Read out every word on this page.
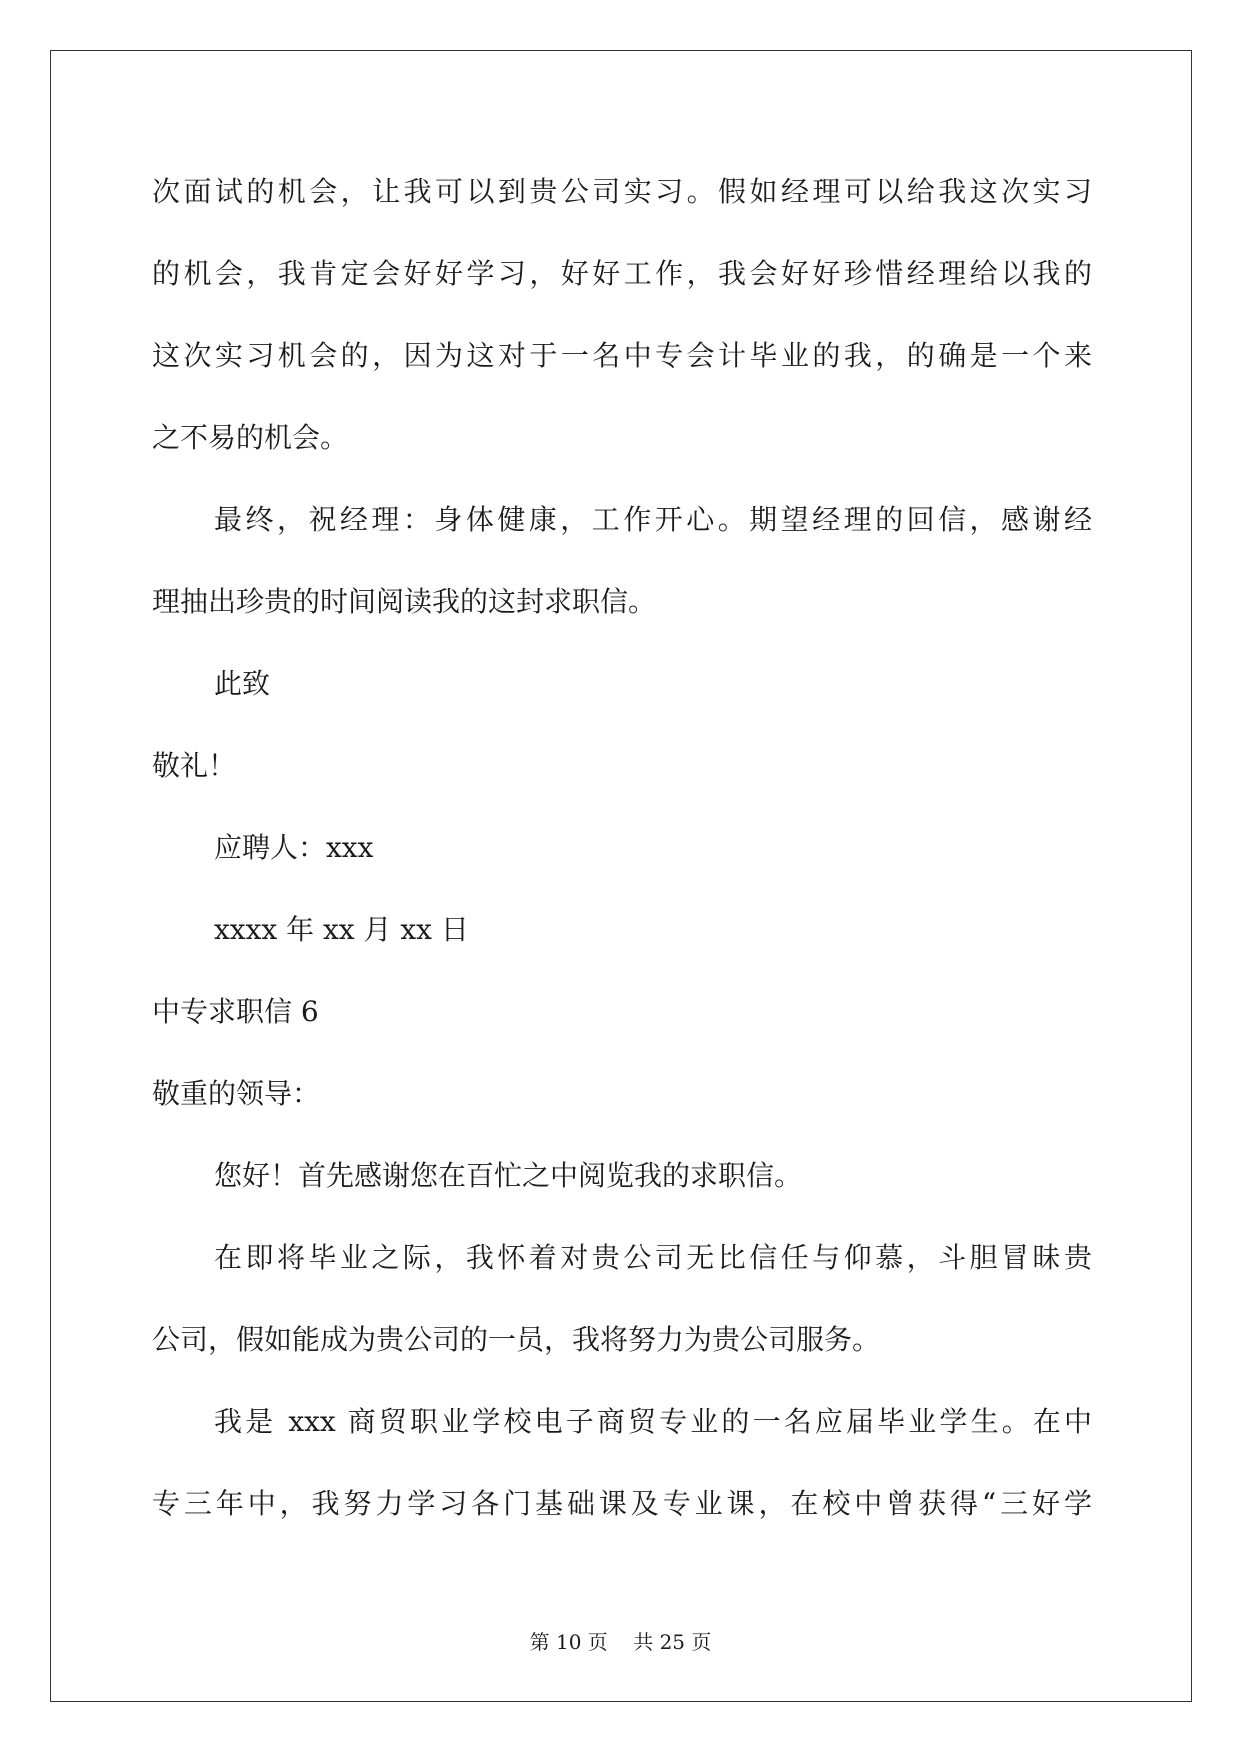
次面试的机会，让我可以到贵公司实习。假如经理可以给我这次实习
的机会，我肯定会好好学习，好好工作，我会好好珍惜经理给以我的
这次实习机会的，因为这对于一名中专会计毕业的我，的确是一个来
之不易的机会。
最终，祝经理：身体健康，工作开心。期望经理的回信，感谢经
理抽出珍贵的时间阅读我的这封求职信。
此致
敬礼！
应聘人：xxx
xxxx 年 xx 月 xx 日
中专求职信 6
敬重的领导：
您好！首先感谢您在百忙之中阅览我的求职信。
在即将毕业之际，我怀着对贵公司无比信任与仰慕，斗胆冒昧贵
公司，假如能成为贵公司的一员，我将努力为贵公司服务。
我是 xxx 商贸职业学校电子商贸专业的一名应届毕业学生。在中
专三年中，我努力学习各门基础课及专业课，在校中曾获得“三好学
第 10 页 共 25 页
